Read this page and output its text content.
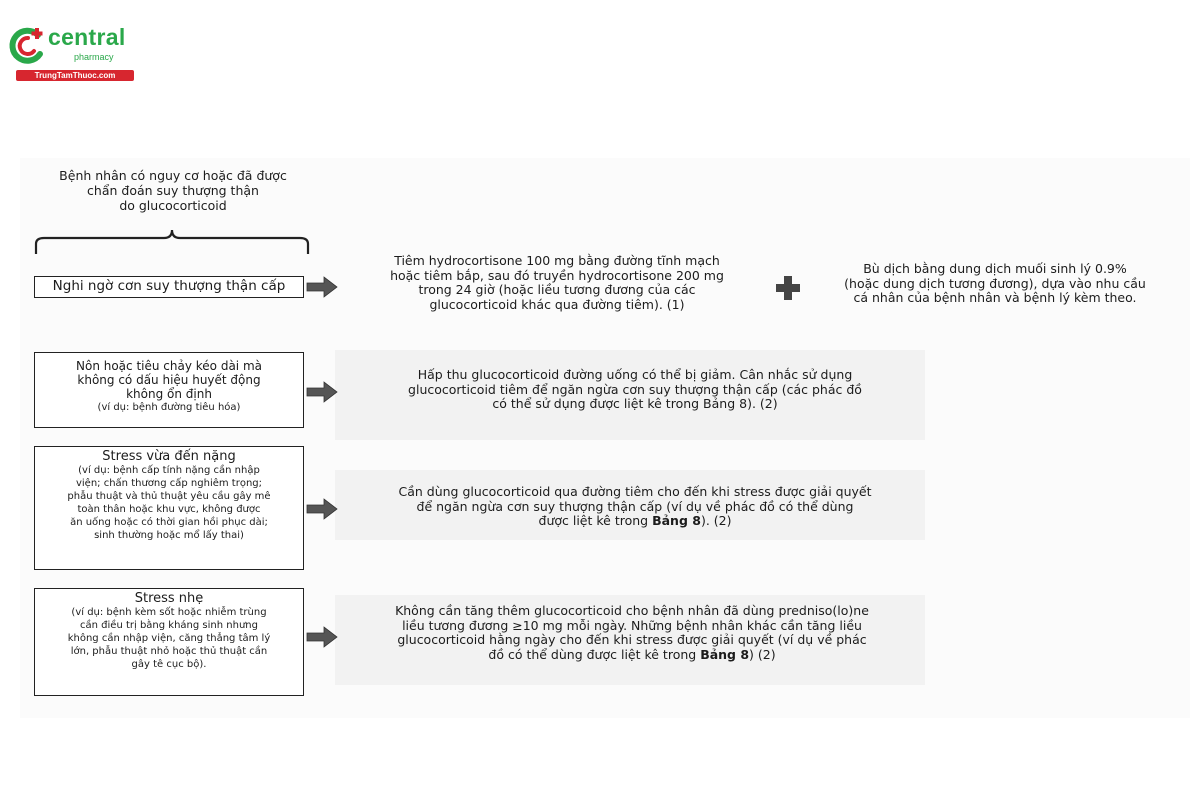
central
pharmacy
TrungTamThuoc.com
Bệnh nhân có nguy cơ hoặc đã được
chẩn đoán suy thượng thận
do glucocorticoid
Nghi ngờ cơn suy thượng thận cấp
Tiêm hydrocortisone 100 mg bằng đường tĩnh mạch
hoặc tiêm bắp, sau đó truyền hydrocortisone 200 mg
trong 24 giờ (hoặc liều tương đương của các
glucocorticoid khác qua đường tiêm). (1)
Bù dịch bằng dung dịch muối sinh lý 0.9%
(hoặc dung dịch tương đương), dựa vào nhu cầu
cá nhân của bệnh nhân và bệnh lý kèm theo.
Nôn hoặc tiêu chảy kéo dài mà
không có dấu hiệu huyết động
không ổn định
(ví dụ: bệnh đường tiêu hóa)
Hấp thu glucocorticoid đường uống có thể bị giảm. Cân nhắc sử dụng
glucocorticoid tiêm để ngăn ngừa cơn suy thượng thận cấp (các phác đồ
có thể sử dụng được liệt kê trong Bảng 8). (2)
Stress vừa đến nặng
(ví dụ: bệnh cấp tính nặng cần nhập
viện; chấn thương cấp nghiêm trọng;
phẫu thuật và thủ thuật yêu cầu gây mê
toàn thân hoặc khu vực, không được
ăn uống hoặc có thời gian hồi phục dài;
sinh thường hoặc mổ lấy thai)
Cần dùng glucocorticoid qua đường tiêm cho đến khi stress được giải quyết
để ngăn ngừa cơn suy thượng thận cấp (ví dụ về phác đồ có thể dùng
được liệt kê trong Bảng 8). (2)
Stress nhẹ
(ví dụ: bệnh kèm sốt hoặc nhiễm trùng
cần điều trị bằng kháng sinh nhưng
không cần nhập viện, căng thẳng tâm lý
lớn, phẫu thuật nhỏ hoặc thủ thuật cần
gây tê cục bộ).
Không cần tăng thêm glucocorticoid cho bệnh nhân đã dùng predniso(lo)ne
liều tương đương ≥10 mg mỗi ngày. Những bệnh nhân khác cần tăng liều
glucocorticoid hằng ngày cho đến khi stress được giải quyết (ví dụ về phác
đồ có thể dùng được liệt kê trong Bảng 8) (2)
